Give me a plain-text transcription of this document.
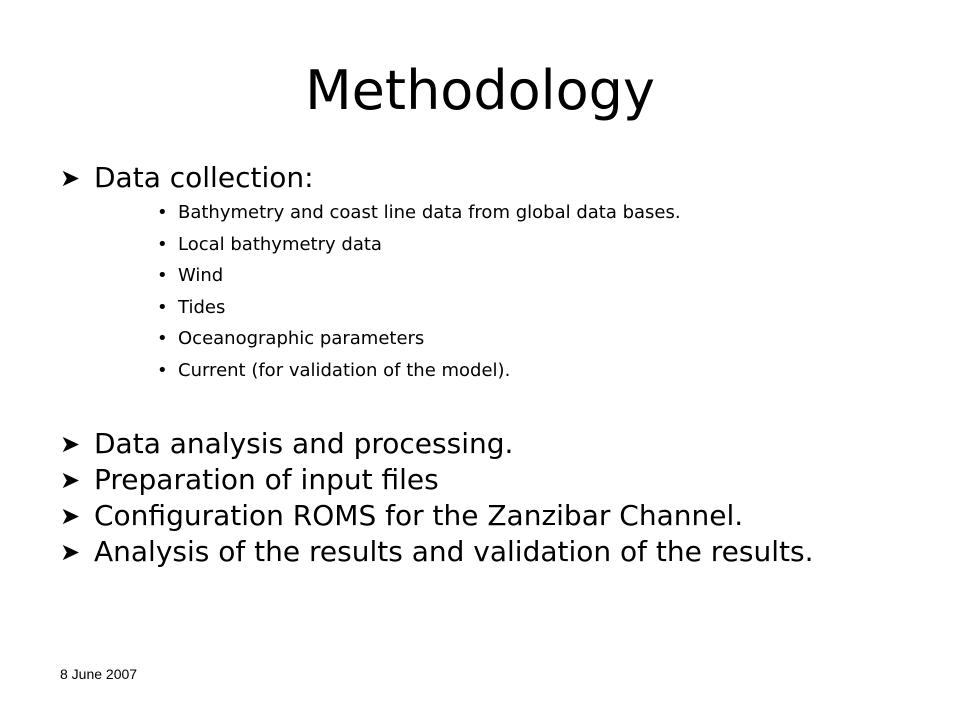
Methodology
➤ Data collection:
• Bathymetry and coast line data from global data bases.
• Local bathymetry data
• Wind
• Tides
• Oceanographic parameters
• Current (for validation of the model).
➤ Data analysis and processing.
➤ Preparation of input files
➤ Configuration ROMS for the Zanzibar Channel.
➤ Analysis of the results and validation of the results.
8 June 2007
